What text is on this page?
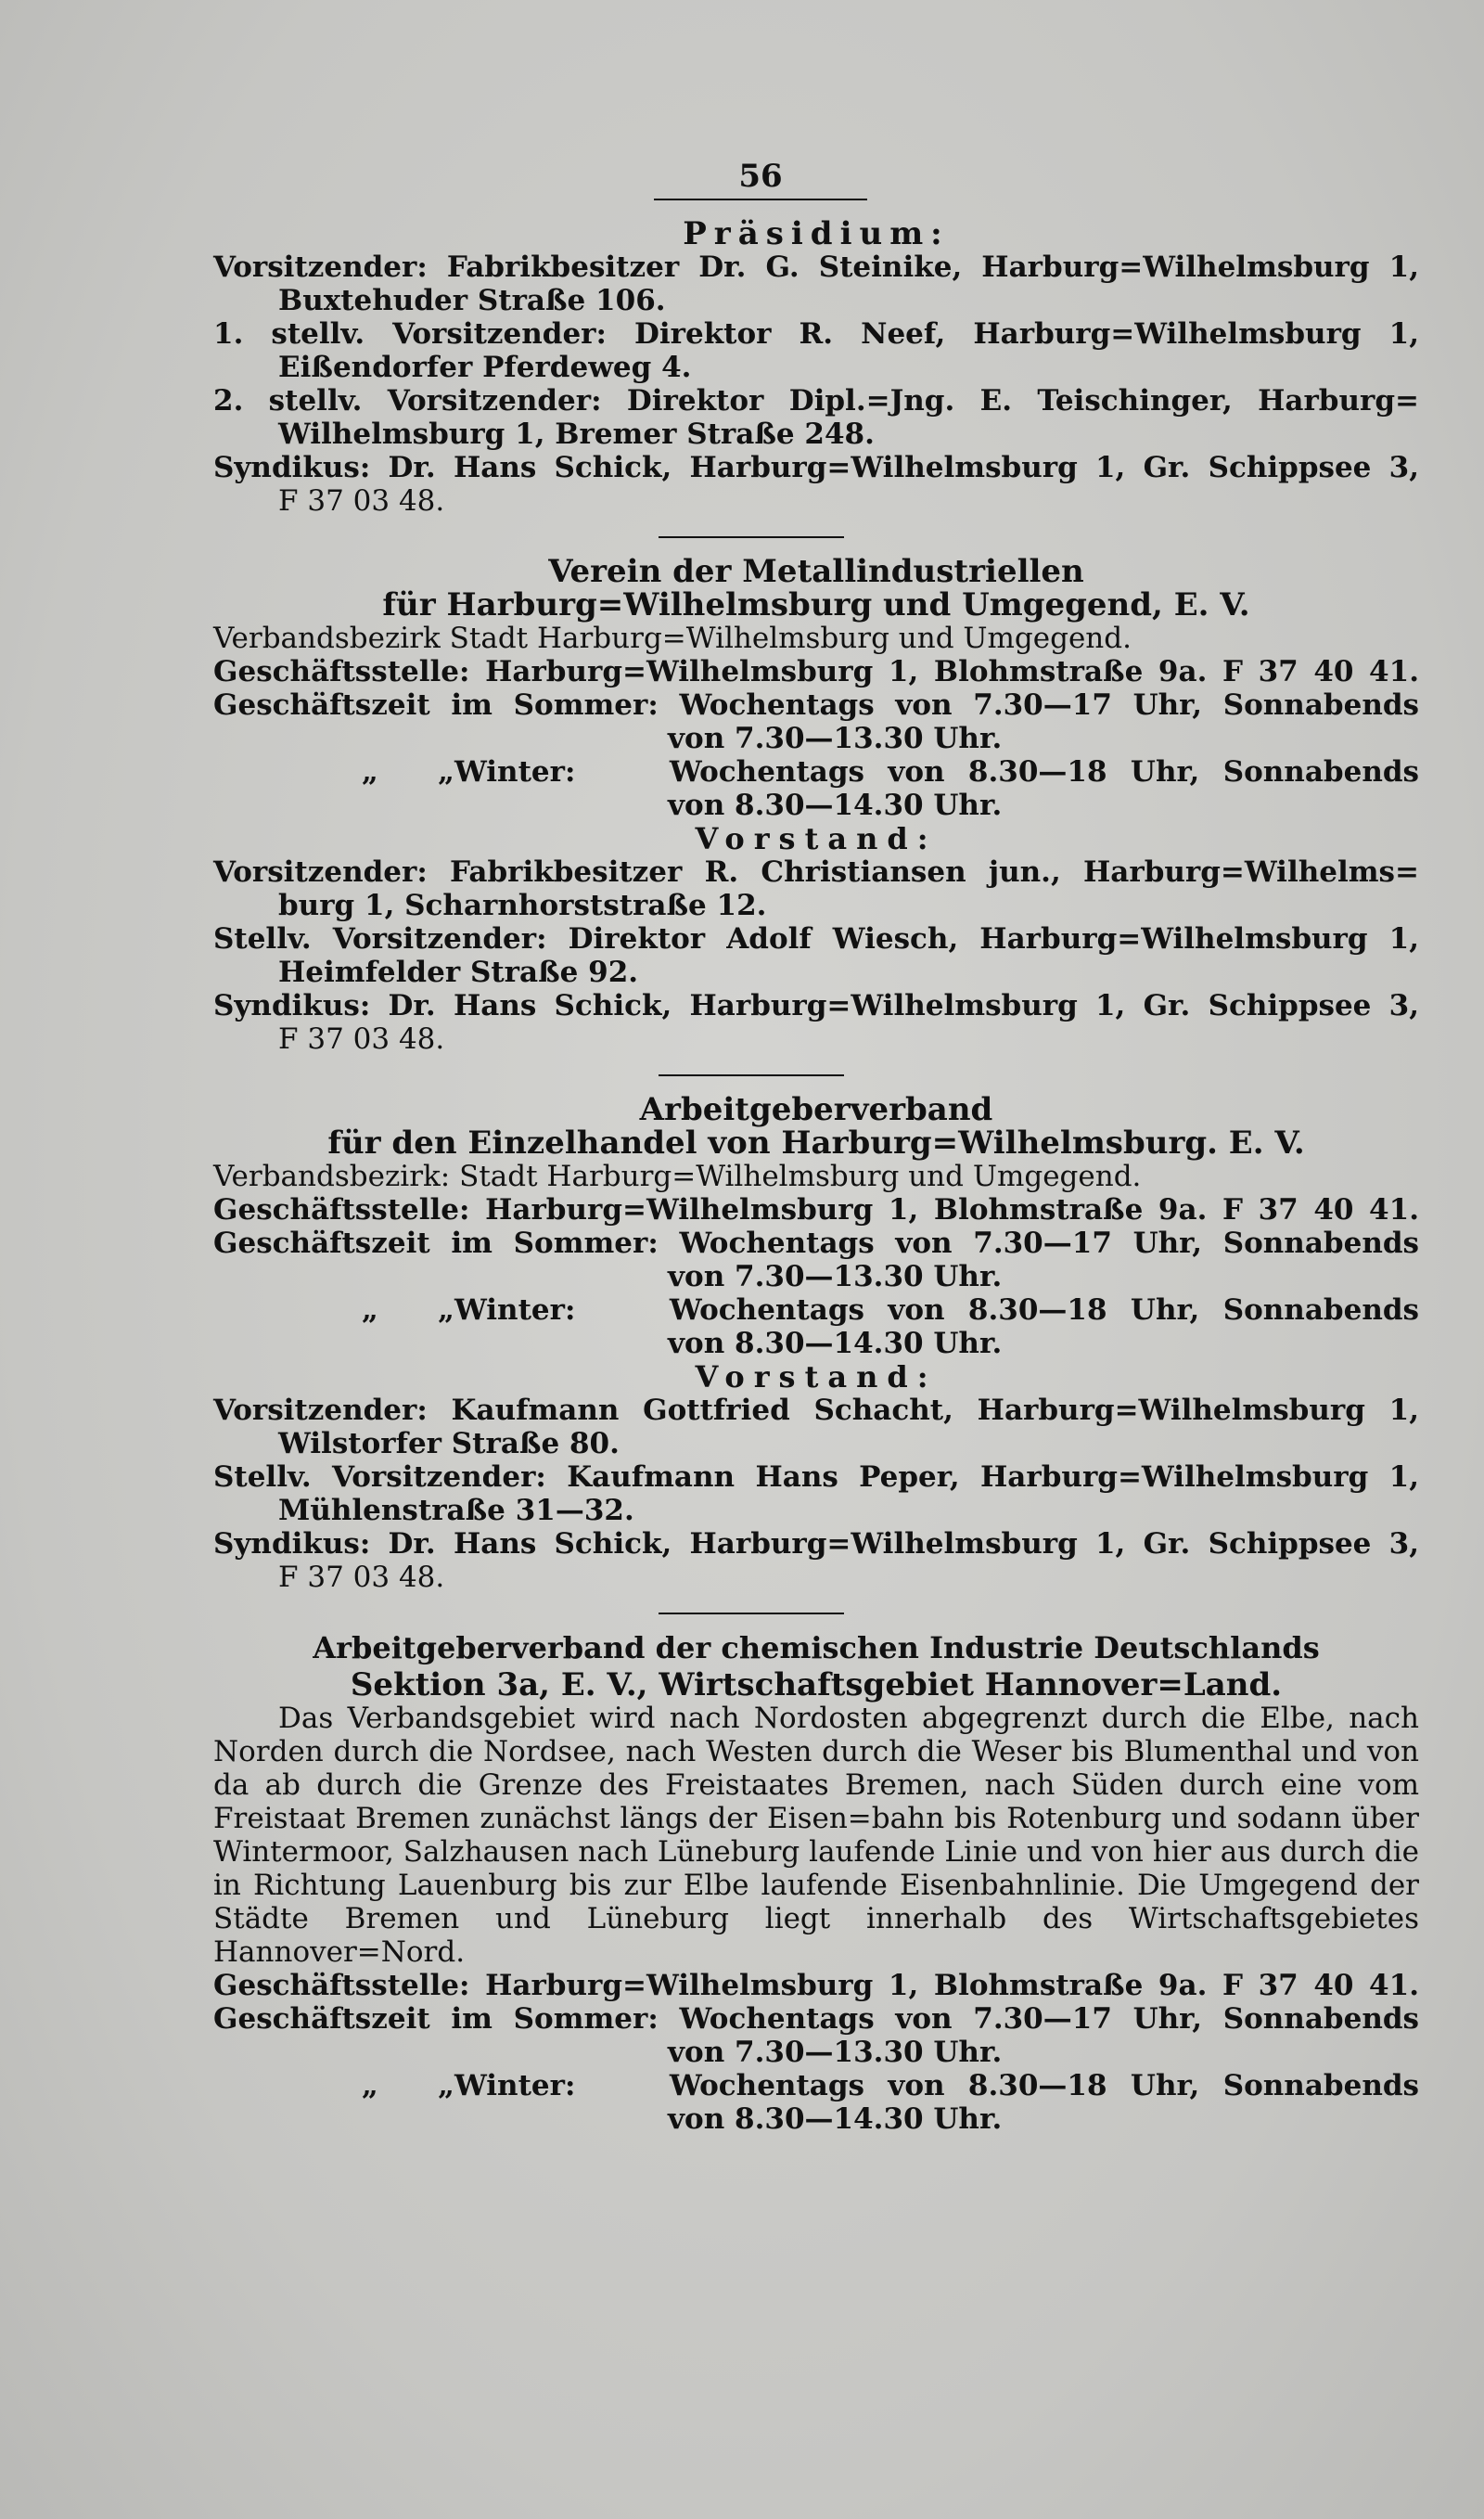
56
Präsidium:
Vorsitzender: Fabrikbesitzer Dr. G. Steinike, Harburg=Wilhelmsburg 1,
Buxtehuder Straße 106.
1. stellv. Vorsitzender: Direktor R. Neef, Harburg=Wilhelmsburg 1,
Eißendorfer Pferdeweg 4.
2. stellv. Vorsitzender: Direktor Dipl.=Jng. E. Teischinger, Harburg=
Wilhelmsburg 1, Bremer Straße 248.
Syndikus: Dr. Hans Schick, Harburg=Wilhelmsburg 1, Gr. Schippsee 3,
F 37 03 48.
Verein der Metallindustriellen
für Harburg=Wilhelmsburg und Umgegend, E. V.
Verbandsbezirk Stadt Harburg=Wilhelmsburg und Umgegend.
Geschäftsstelle: Harburg=Wilhelmsburg 1, Blohmstraße 9a. F 37 40 41.
Geschäftszeit im Sommer: Wochentags von 7.30—17 Uhr, Sonnabends
von 7.30—13.30 Uhr.
„ „Winter:	Wochentags von 8.30—18 Uhr, Sonnabends
von 8.30—14.30 Uhr.
Vorstand:
Vorsitzender: Fabrikbesitzer R. Christiansen jun., Harburg=Wilhelms=
burg 1, Scharnhorststraße 12.
Stellv. Vorsitzender: Direktor Adolf Wiesch, Harburg=Wilhelmsburg 1,
Heimfelder Straße 92.
Syndikus: Dr. Hans Schick, Harburg=Wilhelmsburg 1, Gr. Schippsee 3,
F 37 03 48.
Arbeitgeberverband
für den Einzelhandel von Harburg=Wilhelmsburg. E. V.
Verbandsbezirk: Stadt Harburg=Wilhelmsburg und Umgegend.
Geschäftsstelle: Harburg=Wilhelmsburg 1, Blohmstraße 9a. F 37 40 41.
Geschäftszeit im Sommer: Wochentags von 7.30—17 Uhr, Sonnabends
von 7.30—13.30 Uhr.
„ „Winter:	Wochentags von 8.30—18 Uhr, Sonnabends
von 8.30—14.30 Uhr.
Vorstand:
Vorsitzender: Kaufmann Gottfried Schacht, Harburg=Wilhelmsburg 1,
Wilstorfer Straße 80.
Stellv. Vorsitzender: Kaufmann Hans Peper, Harburg=Wilhelmsburg 1,
Mühlenstraße 31—32.
Syndikus: Dr. Hans Schick, Harburg=Wilhelmsburg 1, Gr. Schippsee 3,
F 37 03 48.
Arbeitgeberverband der chemischen Industrie Deutschlands
Sektion 3a, E. V., Wirtschaftsgebiet Hannover=Land.
Das Verbandsgebiet wird nach Nordosten abgegrenzt durch die Elbe, nach Norden durch die Nordsee, nach Westen durch die Weser bis Blumenthal und von da ab durch die Grenze des Freistaates Bremen, nach Süden durch eine vom Freistaat Bremen zunächst längs der Eisen=bahn bis Rotenburg und sodann über Wintermoor, Salzhausen nach Lüneburg laufende Linie und von hier aus durch die in Richtung Lauenburg bis zur Elbe laufende Eisenbahnlinie. Die Umgegend der Städte Bremen und Lüneburg liegt innerhalb des Wirtschaftsgebietes Hannover=Nord.
Geschäftsstelle: Harburg=Wilhelmsburg 1, Blohmstraße 9a. F 37 40 41.
Geschäftszeit im Sommer: Wochentags von 7.30—17 Uhr, Sonnabends
von 7.30—13.30 Uhr.
„ „Winter:	Wochentags von 8.30—18 Uhr, Sonnabends
von 8.30—14.30 Uhr.
